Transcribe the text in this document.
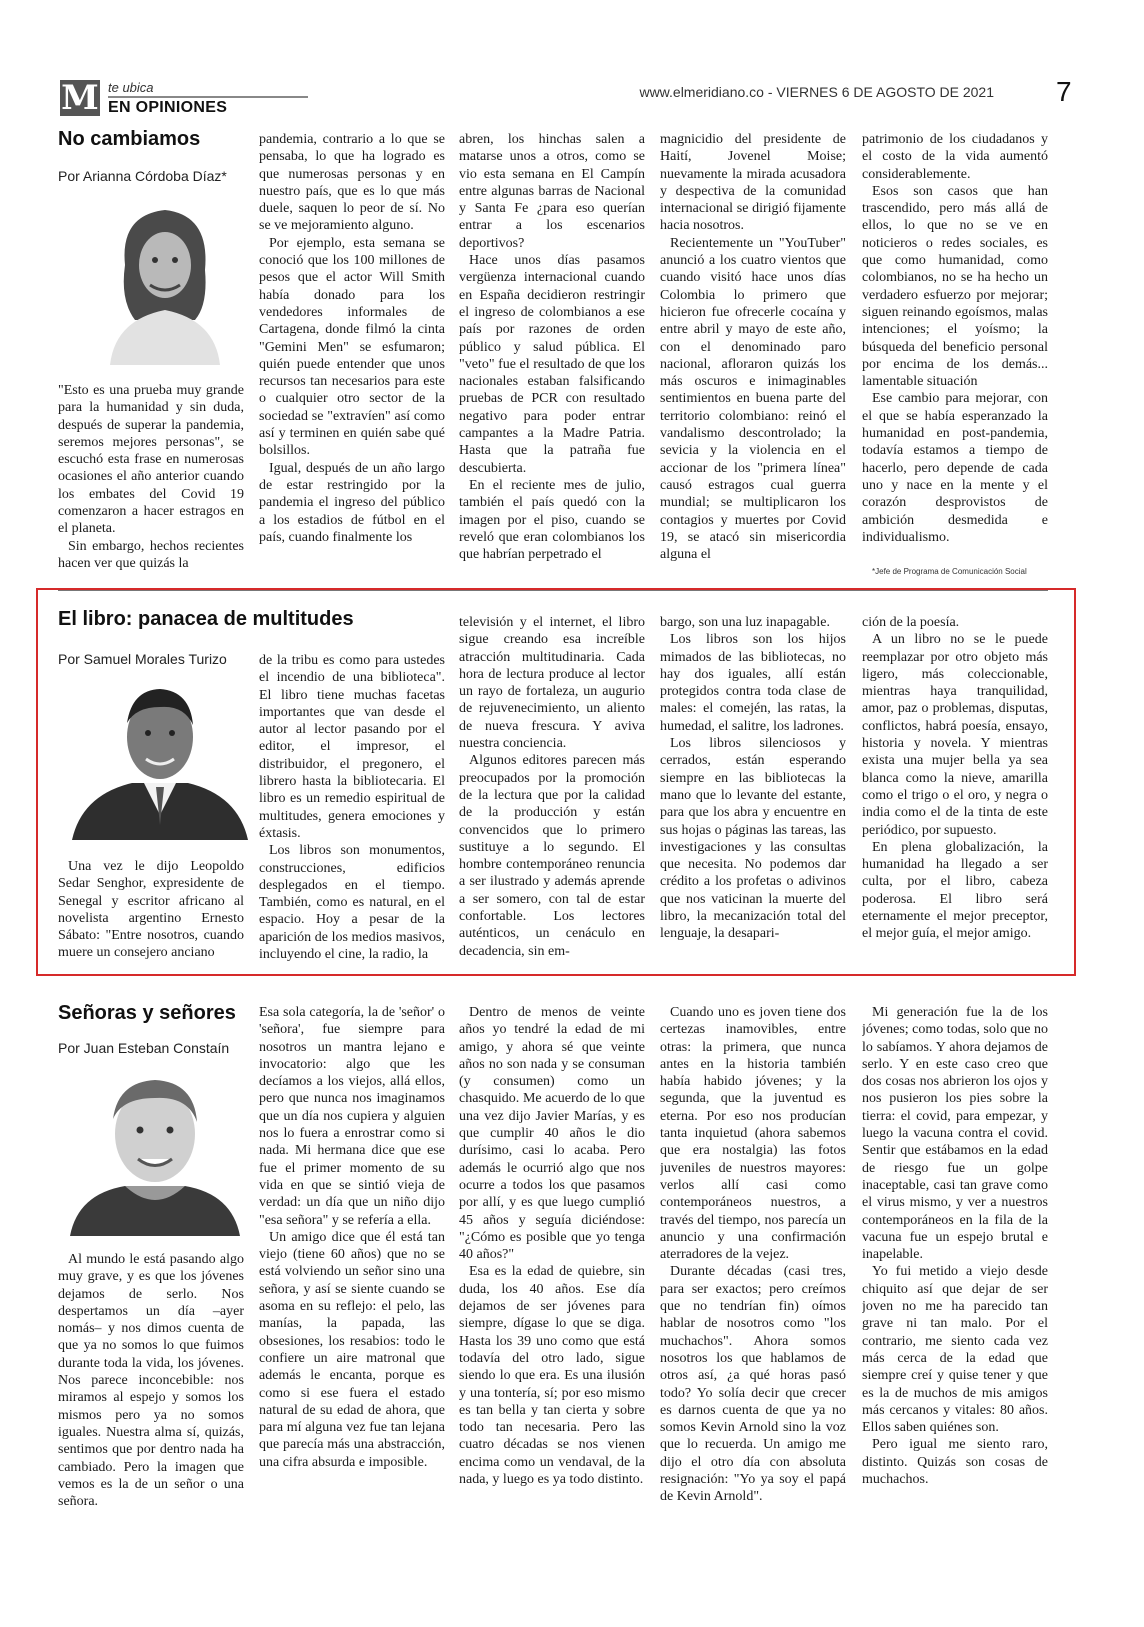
M te ubica
EN OPINIONES
www.elmeridiano.co - VIERNES 6 DE AGOSTO DE 2021 7
No cambiamos
Por Arianna Córdoba Díaz*

"Esto es una prueba muy grande para la humanidad y sin duda, después de superar la pandemia, seremos mejores personas", se escuchó esta frase en numerosas ocasiones el año anterior cuando los embates del Covid 19 comenzaron a hacer estragos en el planeta.

Sin embargo, hechos recientes hacen ver que quizás la

pandemia, contrario a lo que se pensaba, lo que ha logrado es que numerosas personas y en nuestro país, que es lo que más duele, saquen lo peor de sí. No se ve mejoramiento alguno.

Por ejemplo, esta semana se conoció que los 100 millones de pesos que el actor Will Smith había donado para los vendedores informales de Cartagena, donde filmó la cinta "Gemini Men" se esfumaron; quién puede entender que unos recursos tan necesarios para este o cualquier otro sector de la sociedad se "extravíen" así como así y terminen en quién sabe qué bolsillos.

Igual, después de un año largo de estar restringido por la pandemia el ingreso del público a los estadios de fútbol en el país, cuando finalmente los

abren, los hinchas salen a matarse unos a otros, como se vio esta semana en El Campín entre algunas barras de Nacional y Santa Fe ¿para eso querían entrar a los escenarios deportivos?

Hace unos días pasamos vergüenza internacional cuando en España decidieron restringir el ingreso de colombianos a ese país por razones de orden público y salud pública. El "veto" fue el resultado de que los nacionales estaban falsificando pruebas de PCR con resultado negativo para poder entrar campantes a la Madre Patria. Hasta que la patraña fue descubierta.

En el reciente mes de julio, también el país quedó con la imagen por el piso, cuando se reveló que eran colombianos los que habrían perpetrado el

magnicidio del presidente de Haití, Jovenel Moise; nuevamente la mirada acusadora y despectiva de la comunidad internacional se dirigió fijamente hacia nosotros.

Recientemente un "YouTuber" anunció a los cuatro vientos que cuando visitó hace unos días Colombia lo primero que hicieron fue ofrecerle cocaína y entre abril y mayo de este año, con el denominado paro nacional, afloraron quizás los más oscuros e inimaginables sentimientos en buena parte del territorio colombiano: reinó el vandalismo descontrolado; la sevicia y la violencia en el accionar de los "primera línea" causó estragos cual guerra mundial; se multiplicaron los contagios y muertes por Covid 19, se atacó sin misericordia alguna el

patrimonio de los ciudadanos y el costo de la vida aumentó considerablemente.

Esos son casos que han trascendido, pero más allá de ellos, lo que no se ve en noticieros o redes sociales, es que como humanidad, como colombianos, no se ha hecho un verdadero esfuerzo por mejorar; siguen reinando egoísmos, malas intenciones; el yoísmo; la búsqueda del beneficio personal por encima de los demás... lamentable situación

Ese cambio para mejorar, con el que se había esperanzado la humanidad en post-pandemia, todavía estamos a tiempo de hacerlo, pero depende de cada uno y nace en la mente y el corazón desprovistos de ambición desmedida e individualismo.

*Jefe de Programa de Comunicación Social
El libro: panacea de multitudes
Por Samuel Morales Turizo

Una vez le dijo Leopoldo Sedar Senghor, expresidente de Senegal y escritor africano al novelista argentino Ernesto Sábato: "Entre nosotros, cuando muere un consejero anciano

de la tribu es como para ustedes el incendio de una biblioteca". El libro tiene muchas facetas importantes que van desde el autor al lector pasando por el editor, el impresor, el distribuidor, el pregonero, el librero hasta la bibliotecaria. El libro es un remedio espiritual de multitudes, genera emociones y éxtasis.

Los libros son monumentos, construcciones, edificios desplegados en el tiempo. También, como es natural, en el espacio. Hoy a pesar de la aparición de los medios masivos, incluyendo el cine, la radio, la

televisión y el internet, el libro sigue creando esa increíble atracción multitudinaria. Cada hora de lectura produce al lector un rayo de fortaleza, un augurio de rejuvenecimiento, un aliento de nueva frescura. Y aviva nuestra conciencia.

Algunos editores parecen más preocupados por la promoción de la lectura que por la calidad de la producción y están convencidos que lo primero sustituye a lo segundo. El hombre contemporáneo renuncia a ser ilustrado y además aprende a ser somero, con tal de estar confortable. Los lectores auténticos, un cenáculo en decadencia, sin em-

bargo, son una luz inapagable.

Los libros son los hijos mimados de las bibliotecas, no hay dos iguales, allí están protegidos contra toda clase de males: el comején, las ratas, la humedad, el salitre, los ladrones.

Los libros silenciosos y cerrados, están esperando siempre en las bibliotecas la mano que lo levante del estante, para que los abra y encuentre en sus hojas o páginas las tareas, las investigaciones y las consultas que necesita. No podemos dar crédito a los profetas o adivinos que nos vaticinan la muerte del libro, la mecanización total del lenguaje, la desapari-

ción de la poesía.

A un libro no se le puede reemplazar por otro objeto más ligero, más coleccionable, mientras haya tranquilidad, amor, paz o problemas, disputas, conflictos, habrá poesía, ensayo, historia y novela. Y mientras exista una mujer bella ya sea blanca como la nieve, amarilla como el trigo o el oro, y negra o india como el de la tinta de este periódico, por supuesto.

En plena globalización, la humanidad ha llegado a ser culta, por el libro, cabeza poderosa. El libro será eternamente el mejor preceptor, el mejor guía, el mejor amigo.

Señoras y señores
Por Juan Esteban Constaín

Al mundo le está pasando algo muy grave, y es que los jóvenes dejamos de serlo. Nos despertamos un día –ayer nomás– y nos dimos cuenta de que ya no somos lo que fuimos durante toda la vida, los jóvenes. Nos parece inconcebible: nos miramos al espejo y somos los mismos pero ya no somos iguales. Nuestra alma sí, quizás, sentimos que por dentro nada ha cambiado. Pero la imagen que vemos es la de un señor o una señora.

Esa sola categoría, la de 'señor' o 'señora', fue siempre para nosotros un mantra lejano e invocatorio: algo que les decíamos a los viejos, allá ellos, pero que nunca nos imaginamos que un día nos cupiera y alguien nos lo fuera a enrostrar como si nada. Mi hermana dice que ese fue el primer momento de su vida en que se sintió vieja de verdad: un día que un niño dijo "esa señora" y se refería a ella.

Un amigo dice que él está tan viejo (tiene 60 años) que no se está volviendo un señor sino una señora, y así se siente cuando se asoma en su reflejo: el pelo, las manías, la papada, las obsesiones, los resabios: todo le confiere un aire matronal que además le encanta, porque es como si ese fuera el estado natural de su edad de ahora, que para mí alguna vez fue tan lejana que parecía más una abstracción, una cifra absurda e imposible.

Dentro de menos de veinte años yo tendré la edad de mi amigo, y ahora sé que veinte años no son nada y se consuman (y consumen) como un chasquido. Me acuerdo de lo que una vez dijo Javier Marías, y es que cumplir 40 años le dio durísimo, casi lo acaba. Pero además le ocurrió algo que nos ocurre a todos los que pasamos por allí, y es que luego cumplió 45 años y seguía diciéndose: "¿Cómo es posible que yo tenga 40 años?"

Esa es la edad de quiebre, sin duda, los 40 años. Ese día dejamos de ser jóvenes para siempre, dígase lo que se diga. Hasta los 39 uno como que está todavía del otro lado, sigue siendo lo que era. Es una ilusión y una tontería, sí; por eso mismo es tan bella y tan cierta y sobre todo tan necesaria. Pero las cuatro décadas se nos vienen encima como un vendaval, de la nada, y luego es ya todo distinto.

Cuando uno es joven tiene dos certezas inamovibles, entre otras: la primera, que nunca antes en la historia también había habido jóvenes; y la segunda, que la juventud es eterna. Por eso nos producían tanta inquietud (ahora sabemos que era nostalgia) las fotos juveniles de nuestros mayores: verlos allí casi como contemporáneos nuestros, a través del tiempo, nos parecía un anuncio y una confirmación aterradores de la vejez.

Durante décadas (casi tres, para ser exactos; pero creímos que no tendrían fin) oímos hablar de nosotros como "los muchachos". Ahora somos nosotros los que hablamos de otros así, ¿a qué horas pasó todo? Yo solía decir que crecer es darnos cuenta de que ya no somos Kevin Arnold sino la voz que lo recuerda. Un amigo me dijo el otro día con absoluta resignación: "Yo ya soy el papá de Kevin Arnold".

Mi generación fue la de los jóvenes; como todas, solo que no lo sabíamos. Y ahora dejamos de serlo. Y en este caso creo que dos cosas nos abrieron los ojos y nos pusieron los pies sobre la tierra: el covid, para empezar, y luego la vacuna contra el covid. Sentir que estábamos en la edad de riesgo fue un golpe inaceptable, casi tan grave como el virus mismo, y ver a nuestros contemporáneos en la fila de la vacuna fue un espejo brutal e inapelable.

Yo fui metido a viejo desde chiquito así que dejar de ser joven no me ha parecido tan grave ni tan malo. Por el contrario, me siento cada vez más cerca de la edad que siempre creí y quise tener y que es la de muchos de mis amigos más cercanos y vitales: 80 años. Ellos saben quiénes son.

Pero igual me siento raro, distinto. Quizás son cosas de muchachos.
